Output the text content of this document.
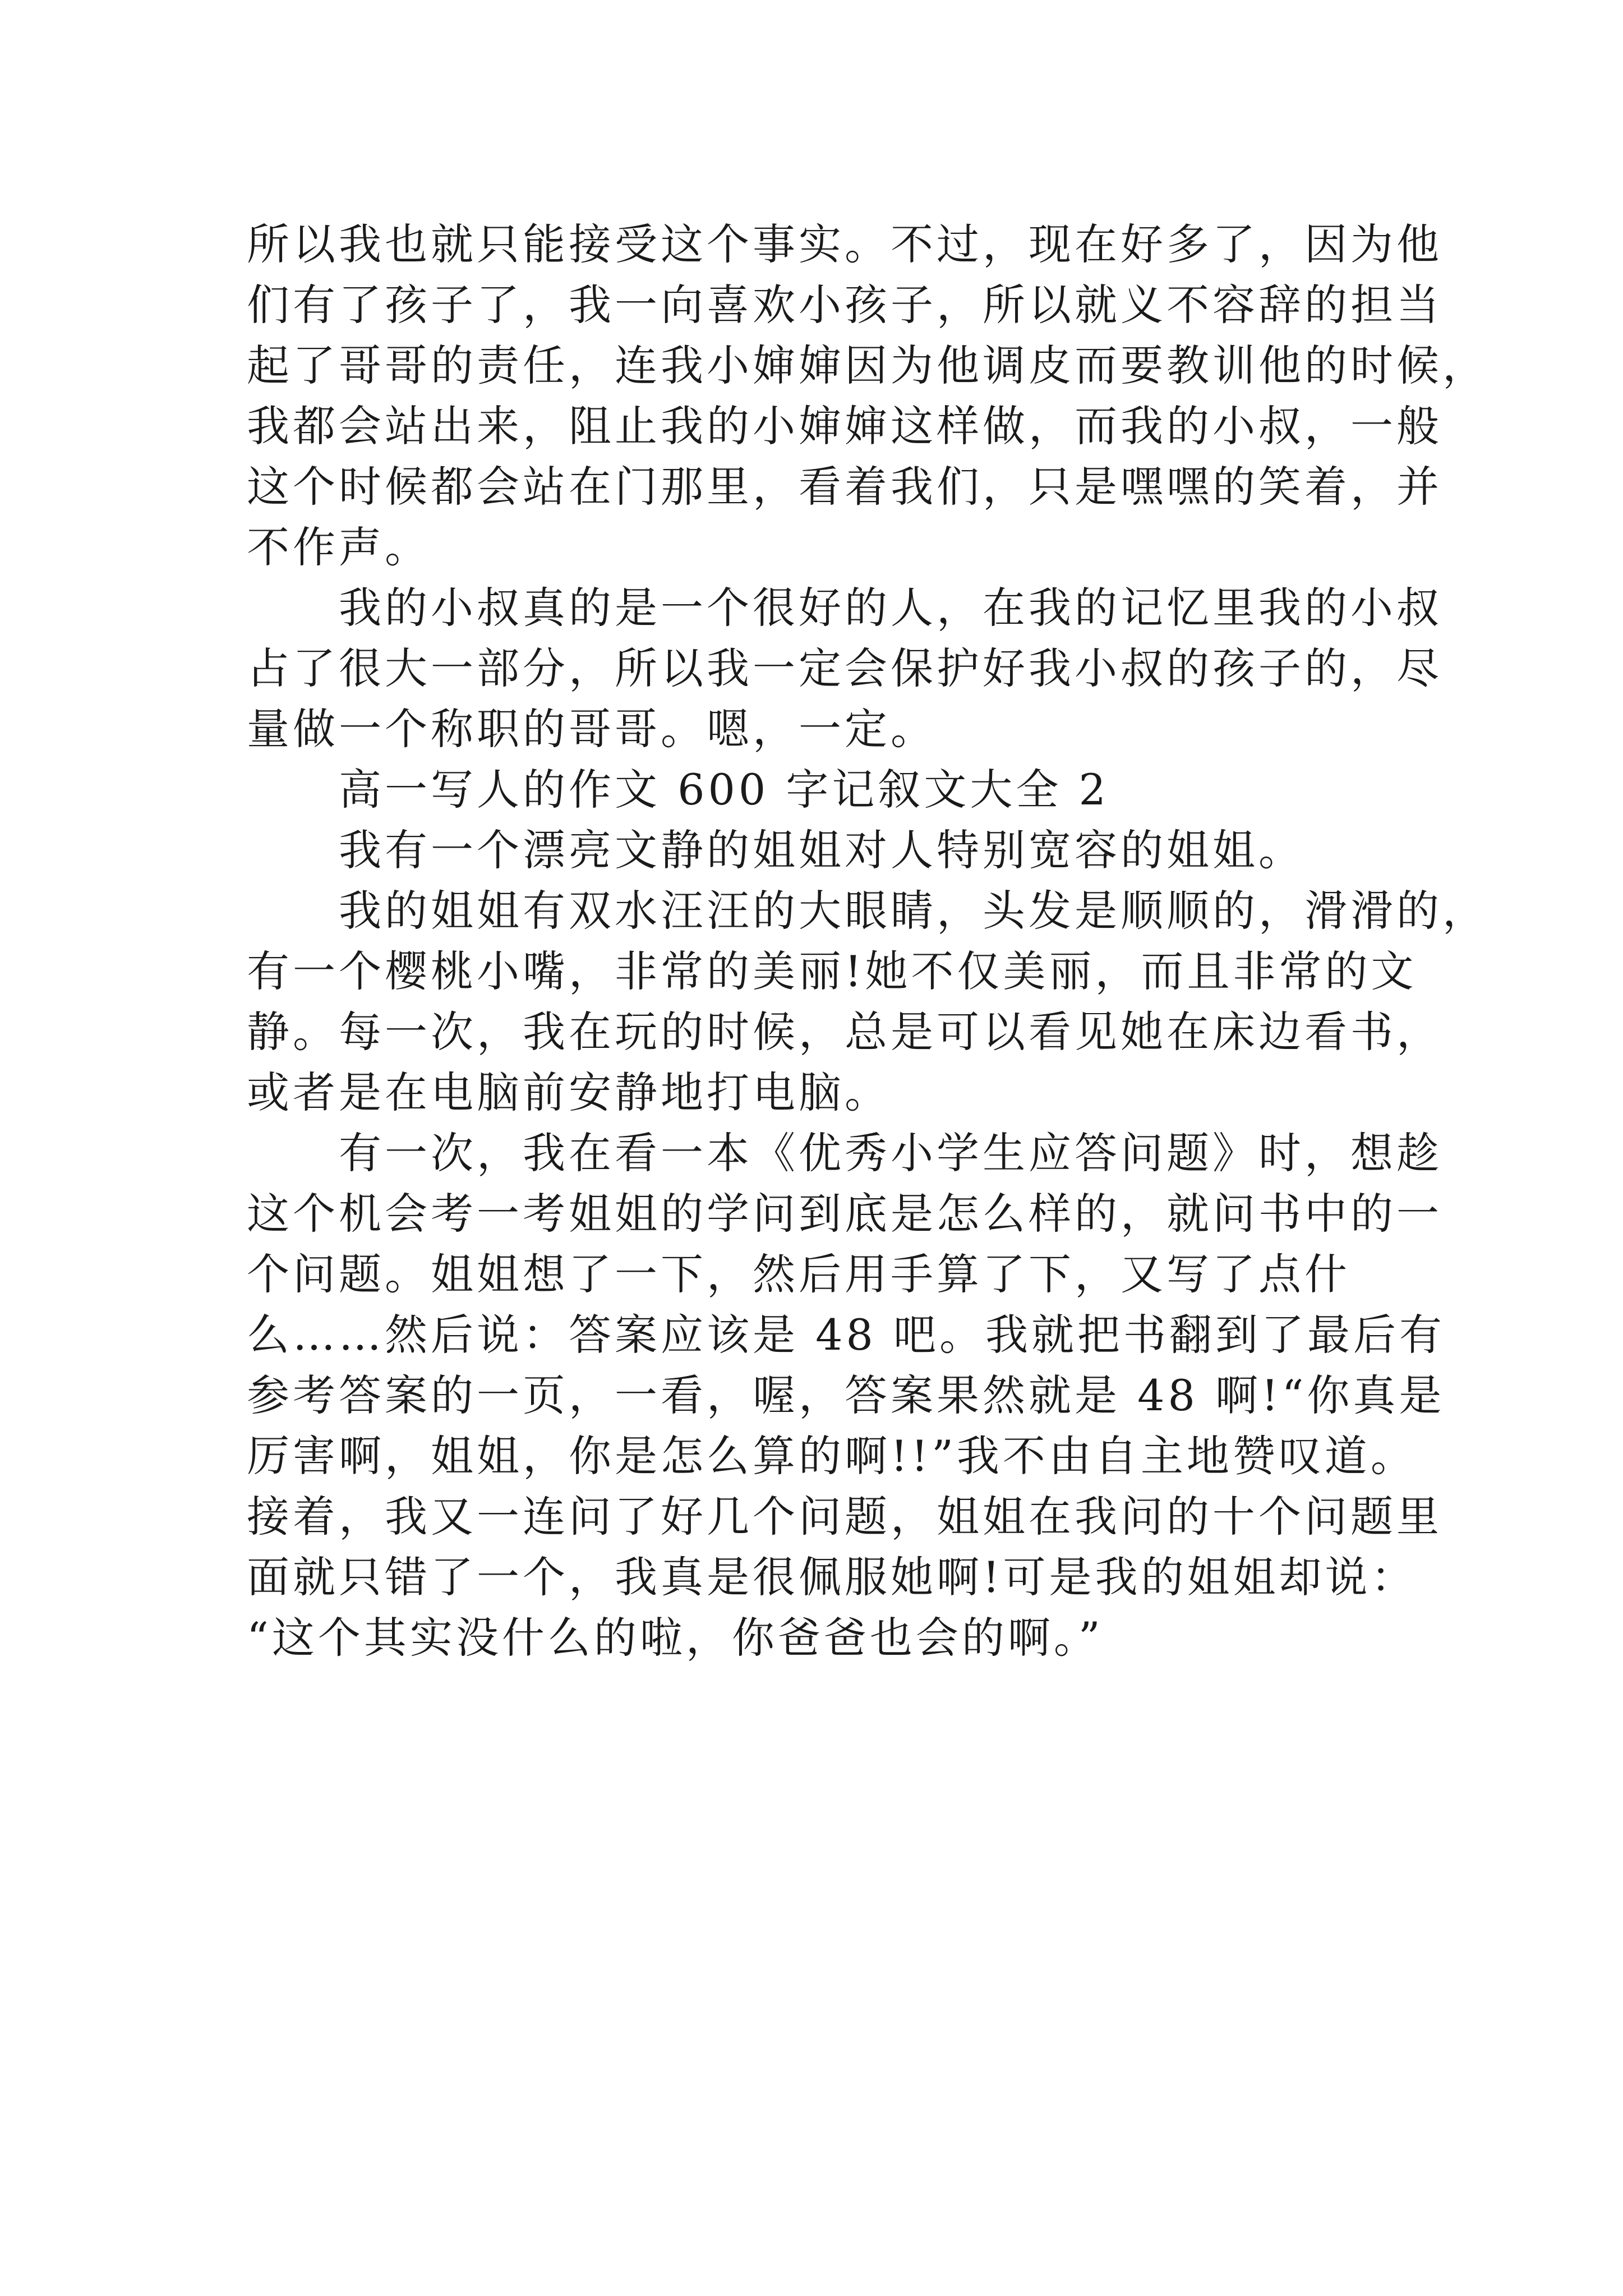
所以我也就只能接受这个事实。不过，现在好多了，因为他
们有了孩子了，我一向喜欢小孩子，所以就义不容辞的担当
起了哥哥的责任，连我小婶婶因为他调皮而要教训他的时候，
我都会站出来，阻止我的小婶婶这样做，而我的小叔，一般
这个时候都会站在门那里，看着我们，只是嘿嘿的笑着，并
不作声。
　　我的小叔真的是一个很好的人，在我的记忆里我的小叔
占了很大一部分，所以我一定会保护好我小叔的孩子的，尽
量做一个称职的哥哥。嗯，一定。
　　高一写人的作文 600 字记叙文大全 2
　　我有一个漂亮文静的姐姐对人特别宽容的姐姐。
　　我的姐姐有双水汪汪的大眼睛，头发是顺顺的，滑滑的，
有一个樱桃小嘴，非常的美丽!她不仅美丽，而且非常的文
静。每一次，我在玩的时候，总是可以看见她在床边看书，
或者是在电脑前安静地打电脑。
　　有一次，我在看一本《优秀小学生应答问题》时，想趁
这个机会考一考姐姐的学问到底是怎么样的，就问书中的一
个问题。姐姐想了一下，然后用手算了下，又写了点什
么……然后说：答案应该是 48 吧。我就把书翻到了最后有
参考答案的一页，一看，喔，答案果然就是 48 啊!“你真是
厉害啊，姐姐，你是怎么算的啊!!”我不由自主地赞叹道。
接着，我又一连问了好几个问题，姐姐在我问的十个问题里
面就只错了一个，我真是很佩服她啊!可是我的姐姐却说：
“这个其实没什么的啦，你爸爸也会的啊。”
